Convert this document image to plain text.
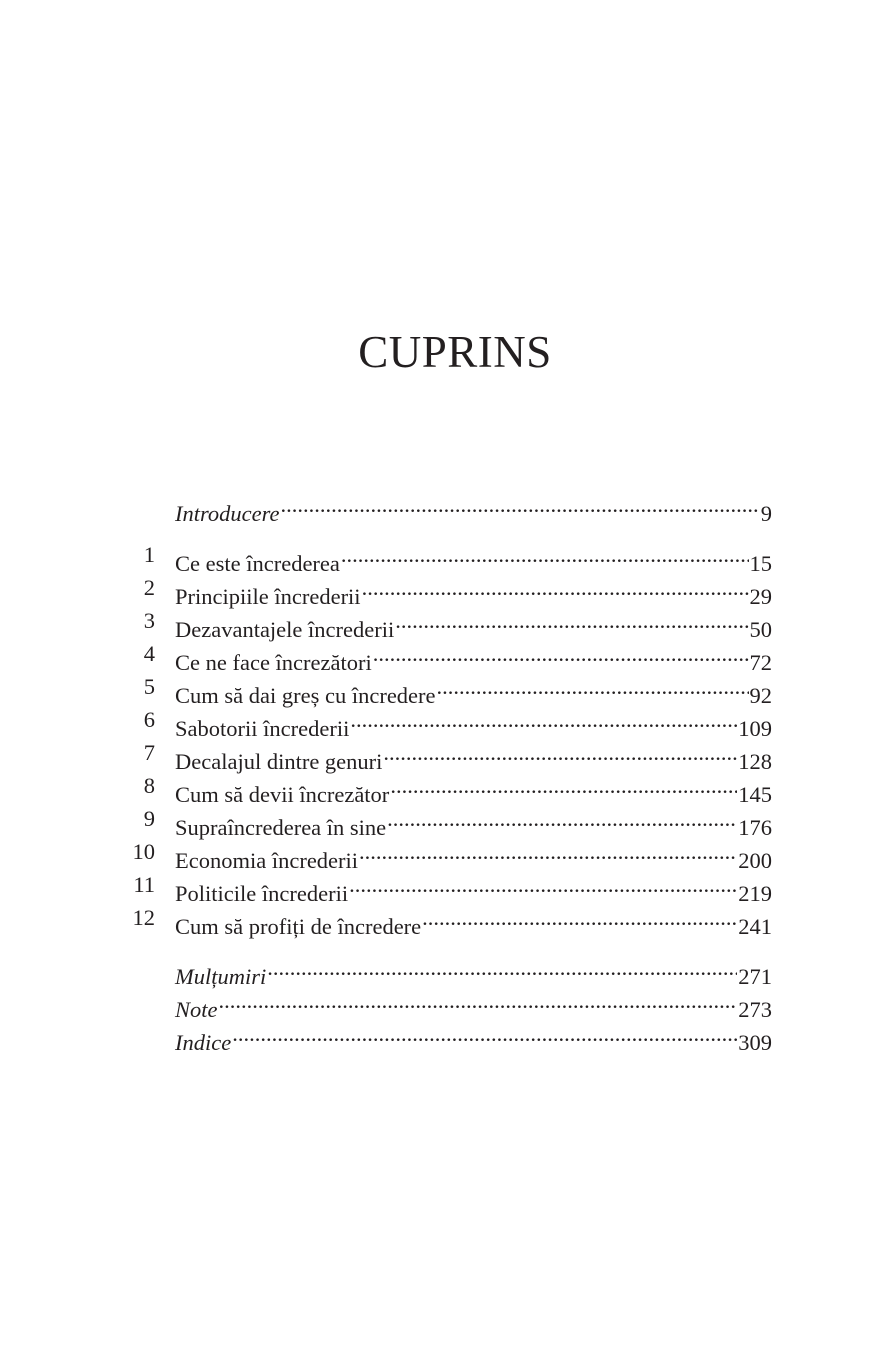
CUPRINS
Introducere .....	9
1 Ce este încrederea .....	15
2 Principiile încrederii .....	29
3 Dezavantajele încrederii .....	50
4 Ce ne face încrezători .....	72
5 Cum să dai greș cu încredere .....	92
6 Sabotorii încrederii .....	109
7 Decalajul dintre genuri .....	128
8 Cum să devii încrezător .....	145
9 Supraîncrederea în sine .....	176
10 Economia încrederii .....	200
11 Politicile încrederii .....	219
12 Cum să profiți de încredere .....	241
Mulțumiri .....	271
Note .....	273
Indice .....	309
